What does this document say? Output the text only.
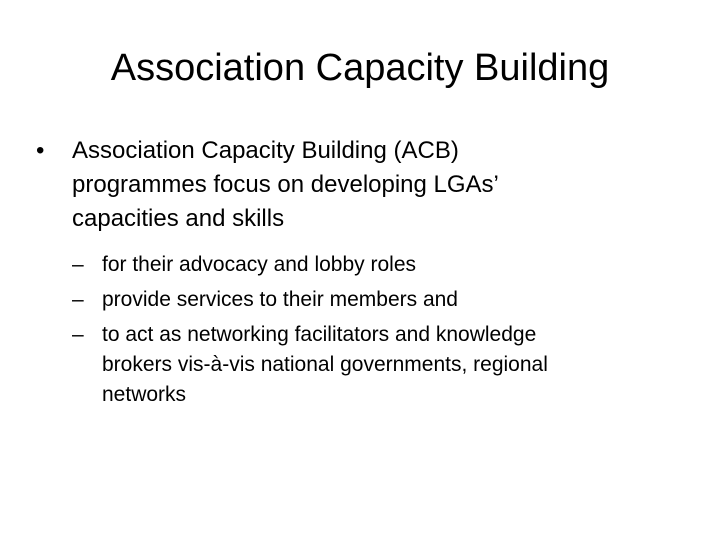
Association Capacity Building
•	Association Capacity Building (ACB)
programmes focus on developing LGAs’
capacities and skills
– for their advocacy and lobby roles
– provide services to their members and
– to act as networking facilitators and knowledge
brokers vis-à-vis national governments, regional
networks
